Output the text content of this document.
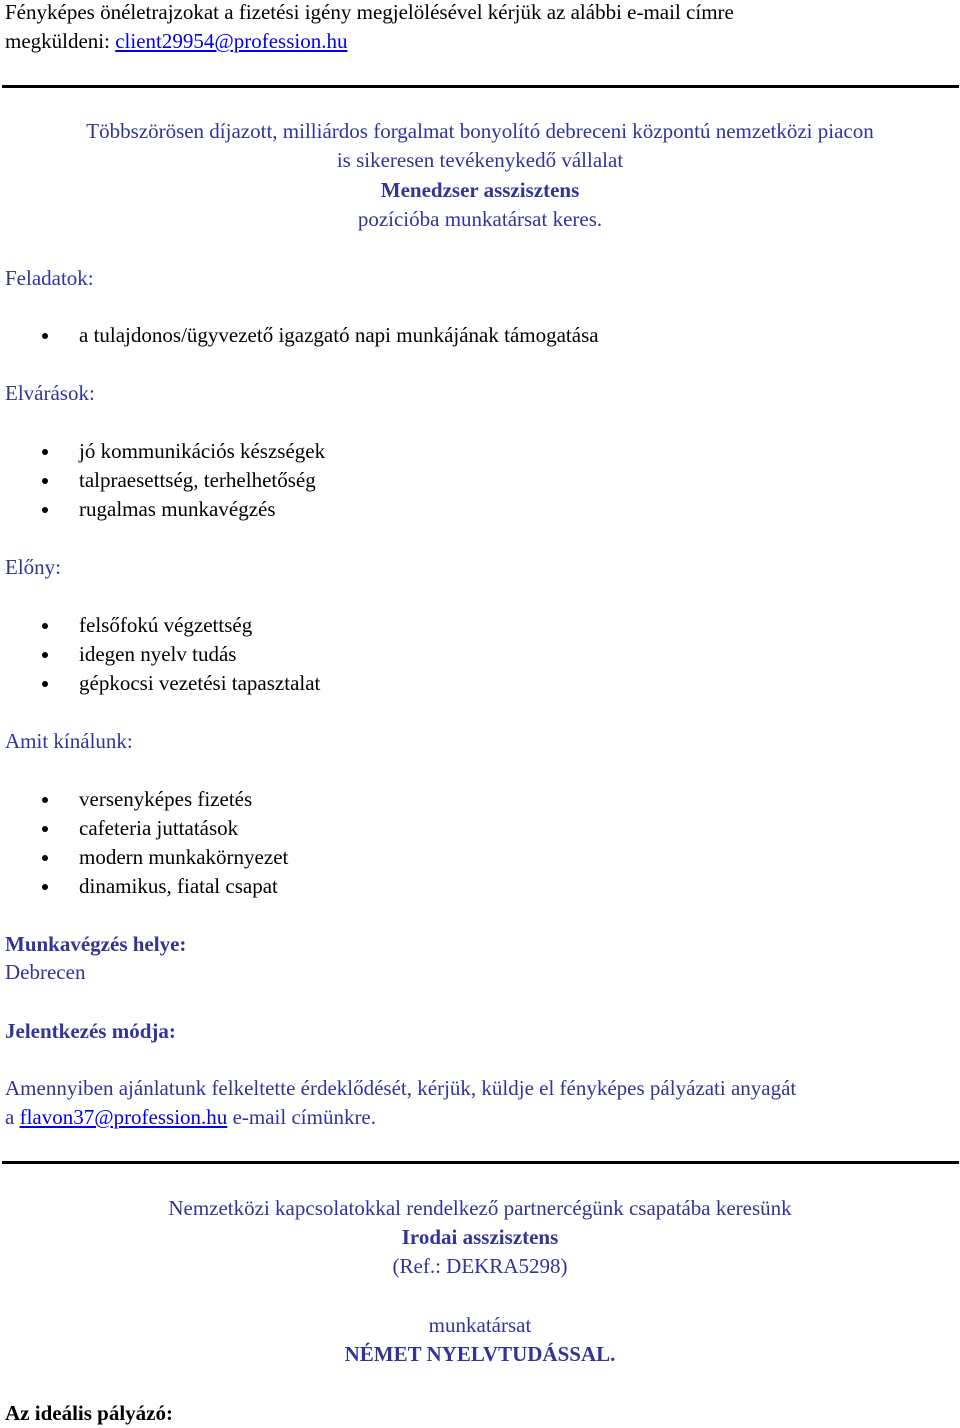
Fényképes önéletrajzokat a fizetési igény megjelölésével kérjük az alábbi e-mail címre
megküldeni: client29954@profession.hu
Többszörösen díjazott, milliárdos forgalmat bonyolító debreceni központú nemzetközi piacon
is sikeresen tevékenykedő vállalat
Menedzser asszisztens
pozícióba munkatársat keres.
Feladatok:
a tulajdonos/ügyvezető igazgató napi munkájának támogatása
Elvárások:
jó kommunikációs készségek
talpraesettség, terhelhetőség
rugalmas munkavégzés
Előny:
felsőfokú végzettség
idegen nyelv tudás
gépkocsi vezetési tapasztalat
Amit kínálunk:
versenyképes fizetés
cafeteria juttatások
modern munkakörnyezet
dinamikus, fiatal csapat
Munkavégzés helye:
Debrecen
Jelentkezés módja:
Amennyiben ajánlatunk felkeltette érdeklődését, kérjük, küldje el fényképes pályázati anyagát
a flavon37@profession.hu e-mail címünkre.
Nemzetközi kapcsolatokkal rendelkező partnercégünk csapatába keresünk
Irodai asszisztens
(Ref.: DEKRA5298)
munkatársat
NÉMET NYELVTUDÁSSAL.
Az ideális pályázó:
